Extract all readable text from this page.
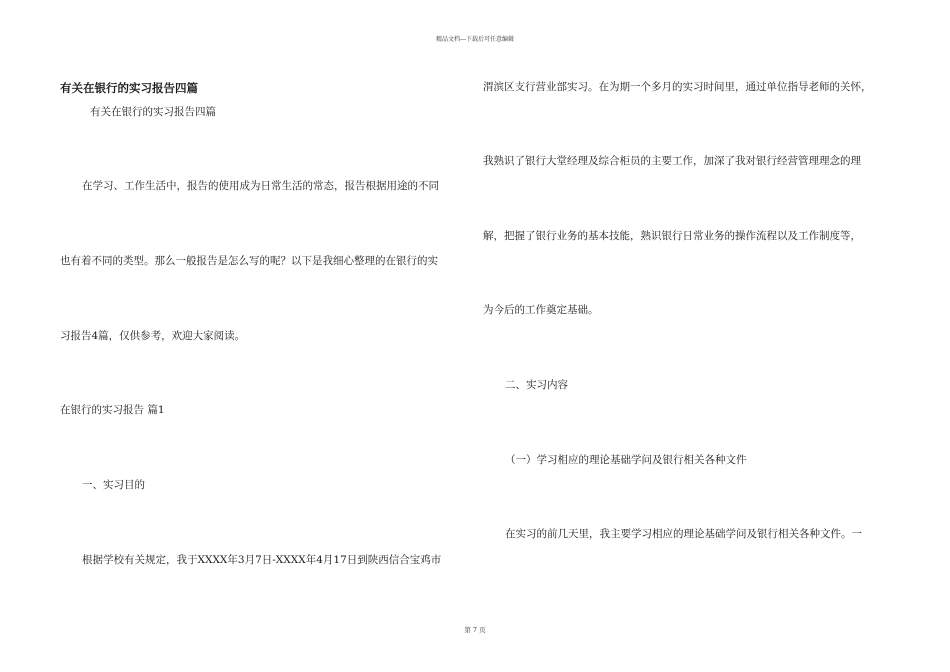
精品文档---下载后可任意编辑
有关在银行的实习报告四篇
有关在银行的实习报告四篇
在学习、工作生活中，报告的使用成为日常生活的常态，报告根据用途的不同
也有着不同的类型。那么一般报告是怎么写的呢？以下是我细心整理的在银行的实
习报告4篇，仅供参考，欢迎大家阅读。
在银行的实习报告 篇1
一、实习目的
根据学校有关规定，我于XXXX年3月7日-XXXX年4月17日到陕西信合宝鸡市
渭滨区支行营业部实习。在为期一个多月的实习时间里，通过单位指导老师的关怀，
我熟识了银行大堂经理及综合柜员的主要工作，加深了我对银行经营管理理念的理
解，把握了银行业务的基本技能，熟识银行日常业务的操作流程以及工作制度等，
为今后的工作奠定基础。
二、实习内容
（一）学习相应的理论基础学问及银行相关各种文件
在实习的前几天里，我主要学习相应的理论基础学问及银行相关各种文件。一
第 7 页
